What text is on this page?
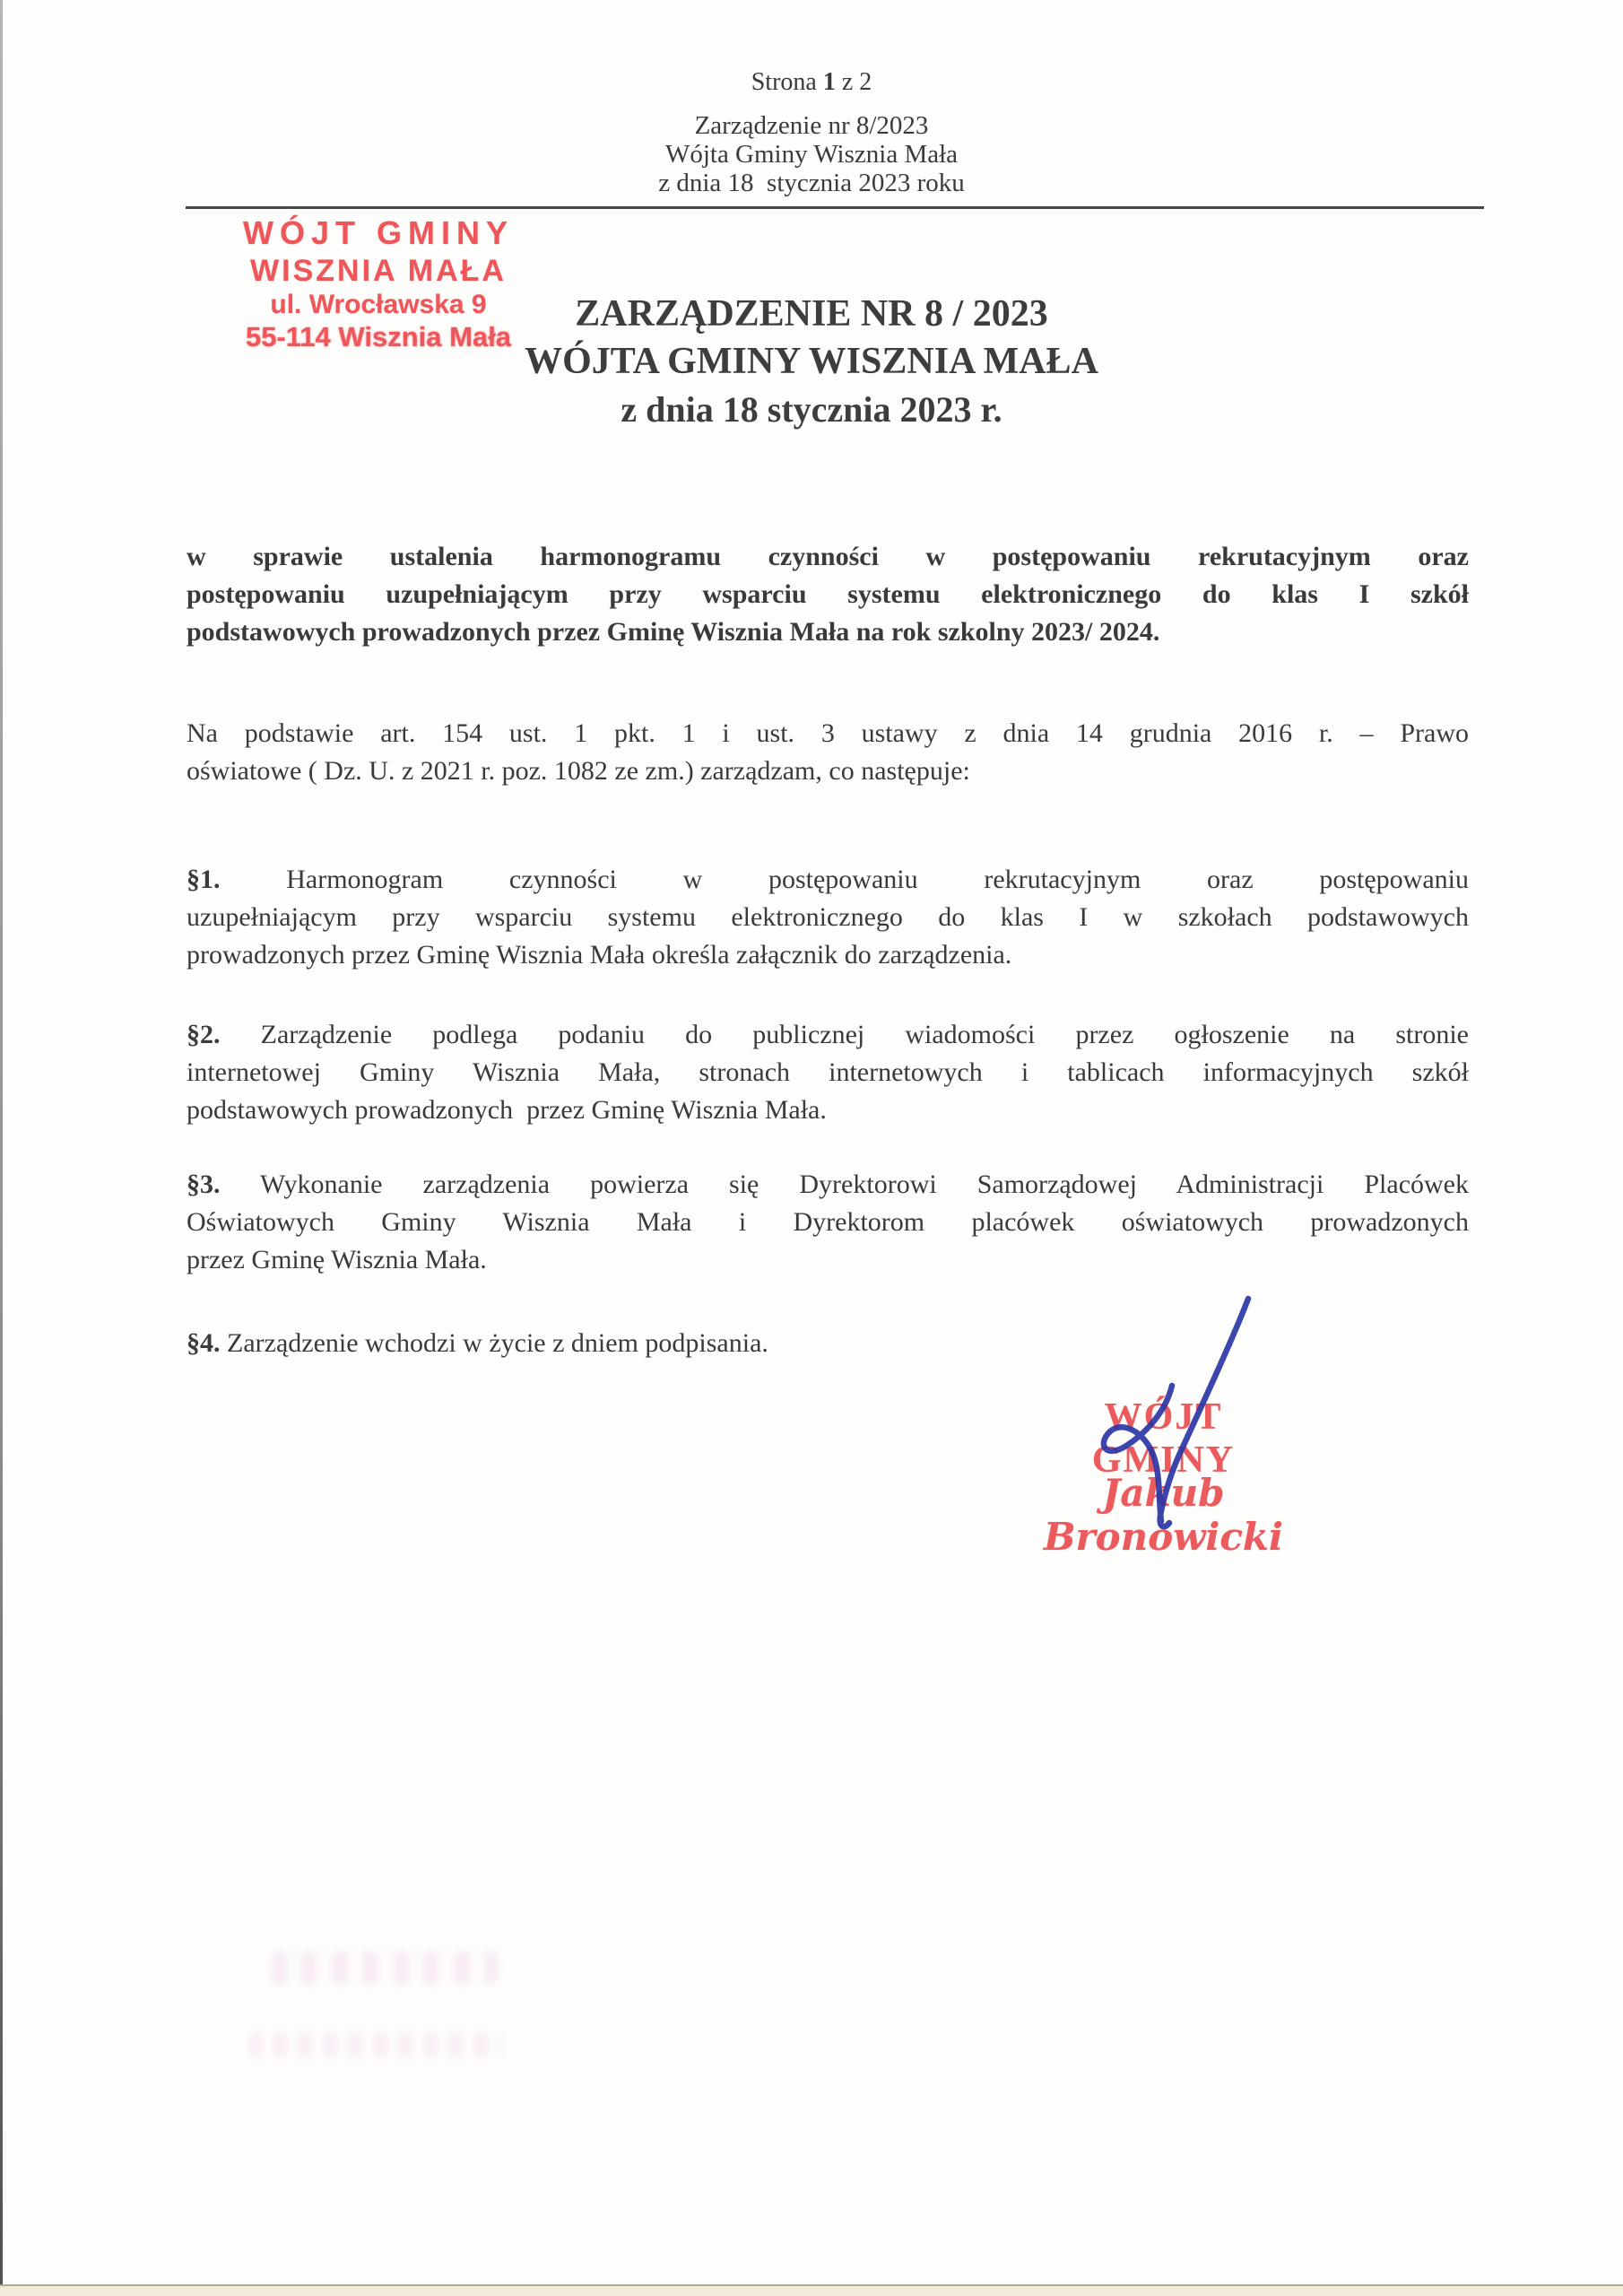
Strona 1 z 2
Zarządzenie nr 8/2023
Wójta Gminy Wisznia Mała
z dnia 18  stycznia 2023 roku
WÓJT GMINY
WISZNIA MAŁA
ul. Wrocławska 9
55-114 Wisznia Mała
ZARZĄDZENIE NR 8 / 2023
WÓJTA GMINY WISZNIA MAŁA
z dnia 18 stycznia 2023 r.
w sprawie ustalenia harmonogramu czynności w postępowaniu rekrutacyjnym oraz
postępowaniu uzupełniającym przy wsparciu systemu elektronicznego do klas I szkół
podstawowych prowadzonych przez Gminę Wisznia Mała na rok szkolny 2023/ 2024.
Na podstawie art. 154 ust. 1 pkt. 1 i ust. 3 ustawy z dnia 14 grudnia 2016 r. – Prawo
oświatowe ( Dz. U. z 2021 r. poz. 1082 ze zm.) zarządzam, co następuje:
§1. Harmonogram czynności w postępowaniu rekrutacyjnym oraz postępowaniu
uzupełniającym przy wsparciu systemu elektronicznego do klas I w szkołach podstawowych
prowadzonych przez Gminę Wisznia Mała określa załącznik do zarządzenia.
§2. Zarządzenie podlega podaniu do publicznej wiadomości przez ogłoszenie na stronie
internetowej Gminy Wisznia Mała, stronach internetowych i tablicach informacyjnych szkół
podstawowych prowadzonych  przez Gminę Wisznia Mała.
§3. Wykonanie zarządzenia powierza się Dyrektorowi Samorządowej Administracji Placówek
Oświatowych Gminy Wisznia Mała i Dyrektorom placówek oświatowych prowadzonych
przez Gminę Wisznia Mała.
§4. Zarządzenie wchodzi w życie z dniem podpisania.
WÓJT GMINY
Jakub Bronowicki
